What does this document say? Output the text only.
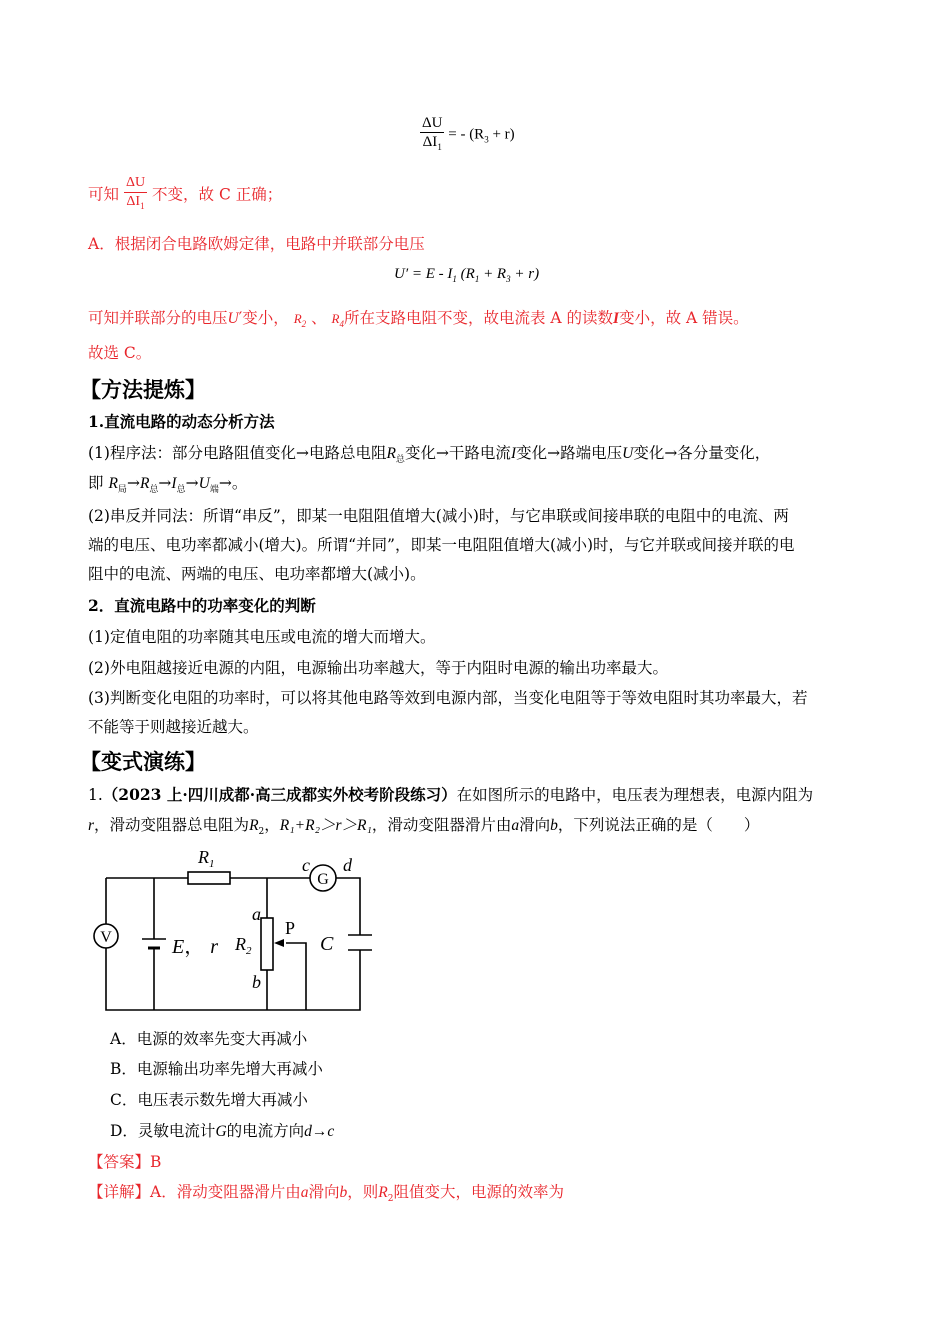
$\frac{\Delta U}{\Delta I_1}$ = - $(R_3 + r)$
可知 $\frac{\Delta U}{\Delta I_1}$ 不变，故 C 正确；
A．根据闭合电路欧姆定律，电路中并联部分电压
$U' = E - I_1$ $(R_1 + R_3 + r)$
可知并联部分的电压U′变小， $R_2$ 、 $R_4$所在支路电阻不变，故电流表 A 的读数I变小，故 A 错误。
故选 C。
【方法提炼】
1.直流电路的动态分析方法
(1)程序法：部分电路阻值变化→电路总电阻$R_总$变化→干路电流I变化→路端电压U变化→各分量变化，
即 $R_局\to R_总\to I_总\to U_端\to$。
(2)串反并同法：所谓“串反”，即某一电阻阻值增大(减小)时，与它串联或间接串联的电阻中的电流、两
端的电压、电功率都减小(增大)。所谓“并同”，即某一电阻阻值增大(减小)时，与它并联或间接并联的电
阻中的电流、两端的电压、电功率都增大(减小)。
2．直流电路中的功率变化的判断
(1)定值电阻的功率随其电压或电流的增大而增大。
(2)外电阻越接近电源的内阻，电源输出功率越大，等于内阻时电源的输出功率最大。
(3)判断变化电阻的功率时，可以将其他电路等效到电源内部，当变化电阻等于等效电阻时其功率最大，若
不能等于则越接近越大。
【变式演练】
1.（2023 上·四川成都·高三成都实外校考阶段练习）在如图所示的电路中，电压表为理想表，电源内阻为
r，滑动变阻器总电阻为$R_2$，R₁+R₂＞r＞R₁，滑动变阻器滑片由a滑向b，下列说法正确的是（　　）
$R_1$
G
c d
V	E， r
a
b
P
$R_2$	C
A．电源的效率先变大再减小
B．电源输出功率先增大再减小
C．电压表示数先增大再减小
D．灵敏电流计G的电流方向d→c
【答案】B
【详解】A．滑动变阻器滑片由a滑向b，则$R_2$阻值变大，电源的效率为
